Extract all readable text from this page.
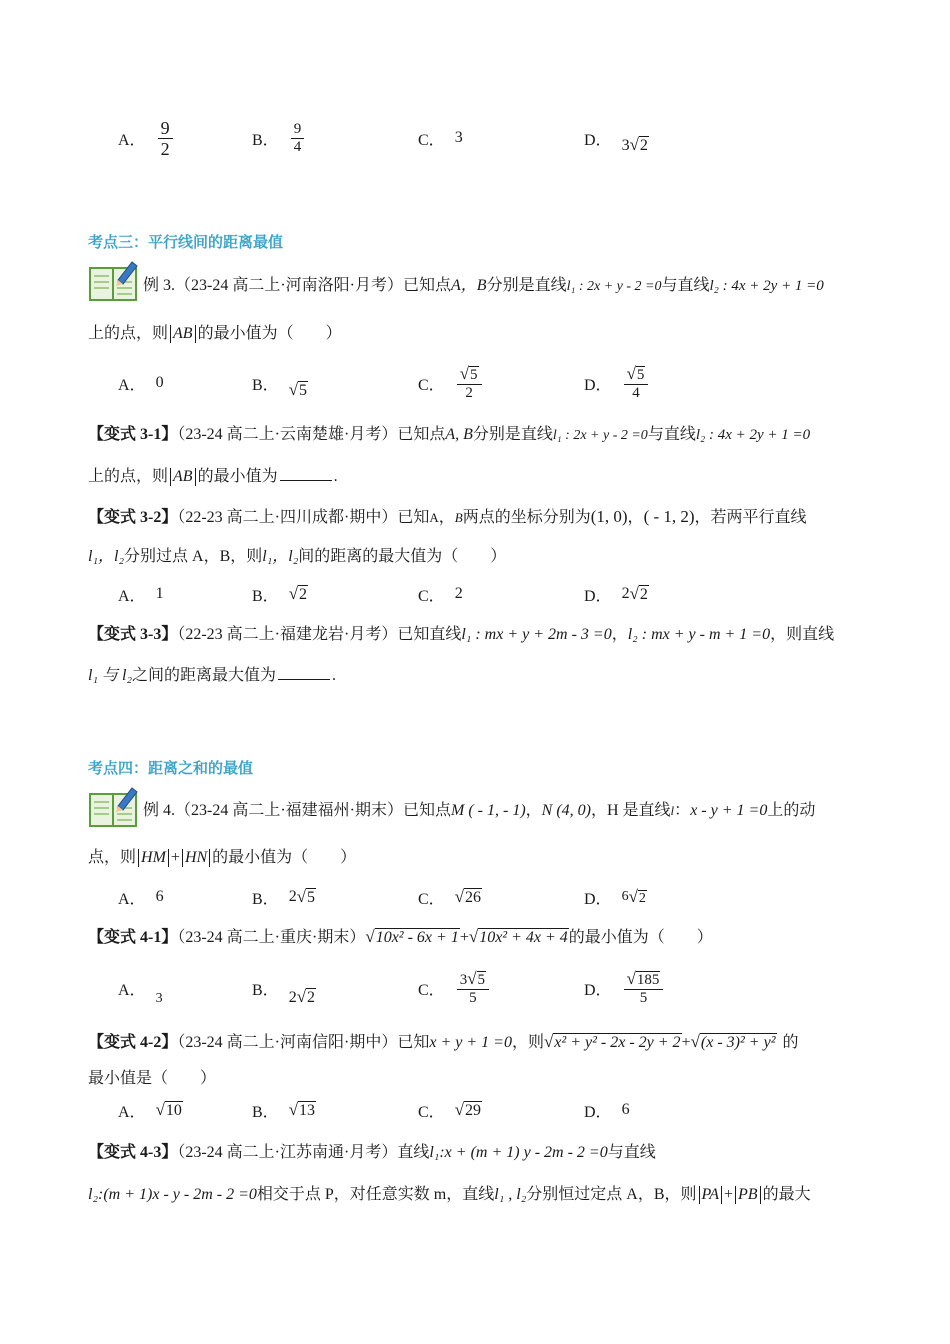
A． $\frac{9}{2}$	B． $\frac{9}{4}$	C． 3	D． 3√2
考点三：平行线间的距离最值
例 3.（23-24 高二上·河南洛阳·月考）已知点A，B分别是直线l₁ : 2x + y - 2 =0与直线l₂ : 4x + 2y + 1 =0
上的点，则 AB 的最小值为（　　）
A． 0	B． √5	C． $\frac{√5}{2}$	D． $\frac{√5}{4}$
【变式 3-1】（23-24 高二上·云南楚雄·月考）已知点A, B分别是直线l₁ : 2x + y - 2 =0与直线l₂ : 4x + 2y + 1 =0
上的点，则 AB 的最小值为	.
【变式 3-2】（22-23 高二上·四川成都·期中）已知A，B两点的坐标分别为(1, 0)，( - 1, 2)，若两平行直线
l₁，l₂分别过点 A，B，则l₁，l₂间的距离的最大值为（　　）
A． 1	B． √2	C． 2	D． 2 √2
【变式 3-3】（22-23 高二上·福建龙岩·月考）已知直线l₁ : mx + y + 2m - 3 =0，l₂ : mx + y - m + 1 =0，则直线
l₁ 与 l₂之间的距离最大值为	.
考点四：距离之和的最值
例 4.（23-24 高二上·福建福州·期末）已知点M ( - 1, - 1)，N (4, 0)，H 是直线l：x - y + 1 =0上的动
点，则 HM + HN 的最小值为（　　）
A． 6	B． 2 √5	C． √26	D． 6 √2
【变式 4-1】（23-24 高二上·重庆·期末）√10x² - 6x + 1+√10x² + 4x + 4的最小值为（　　）
A． 3	B． 2√2	C． $\frac{3√5}{5}$	D． $\frac{√185}{5}$
【变式 4-2】（23-24 高二上·河南信阳·期中）已知x + y + 1 =0，则√x² + y² - 2x - 2y + 2+√(x - 3)² + y² 的
最小值是（　　）
A． √10	B． √13	C． √29	D． 6
【变式 4-3】（23-24 高二上·江苏南通·月考）直线l₁:x + (m + 1) y - 2m - 2 =0与直线
l₂:(m + 1)x - y - 2m - 2 =0相交于点 P，对任意实数 m，直线l₁ , l₂分别恒过定点 A，B，则 PA + PB 的最大
